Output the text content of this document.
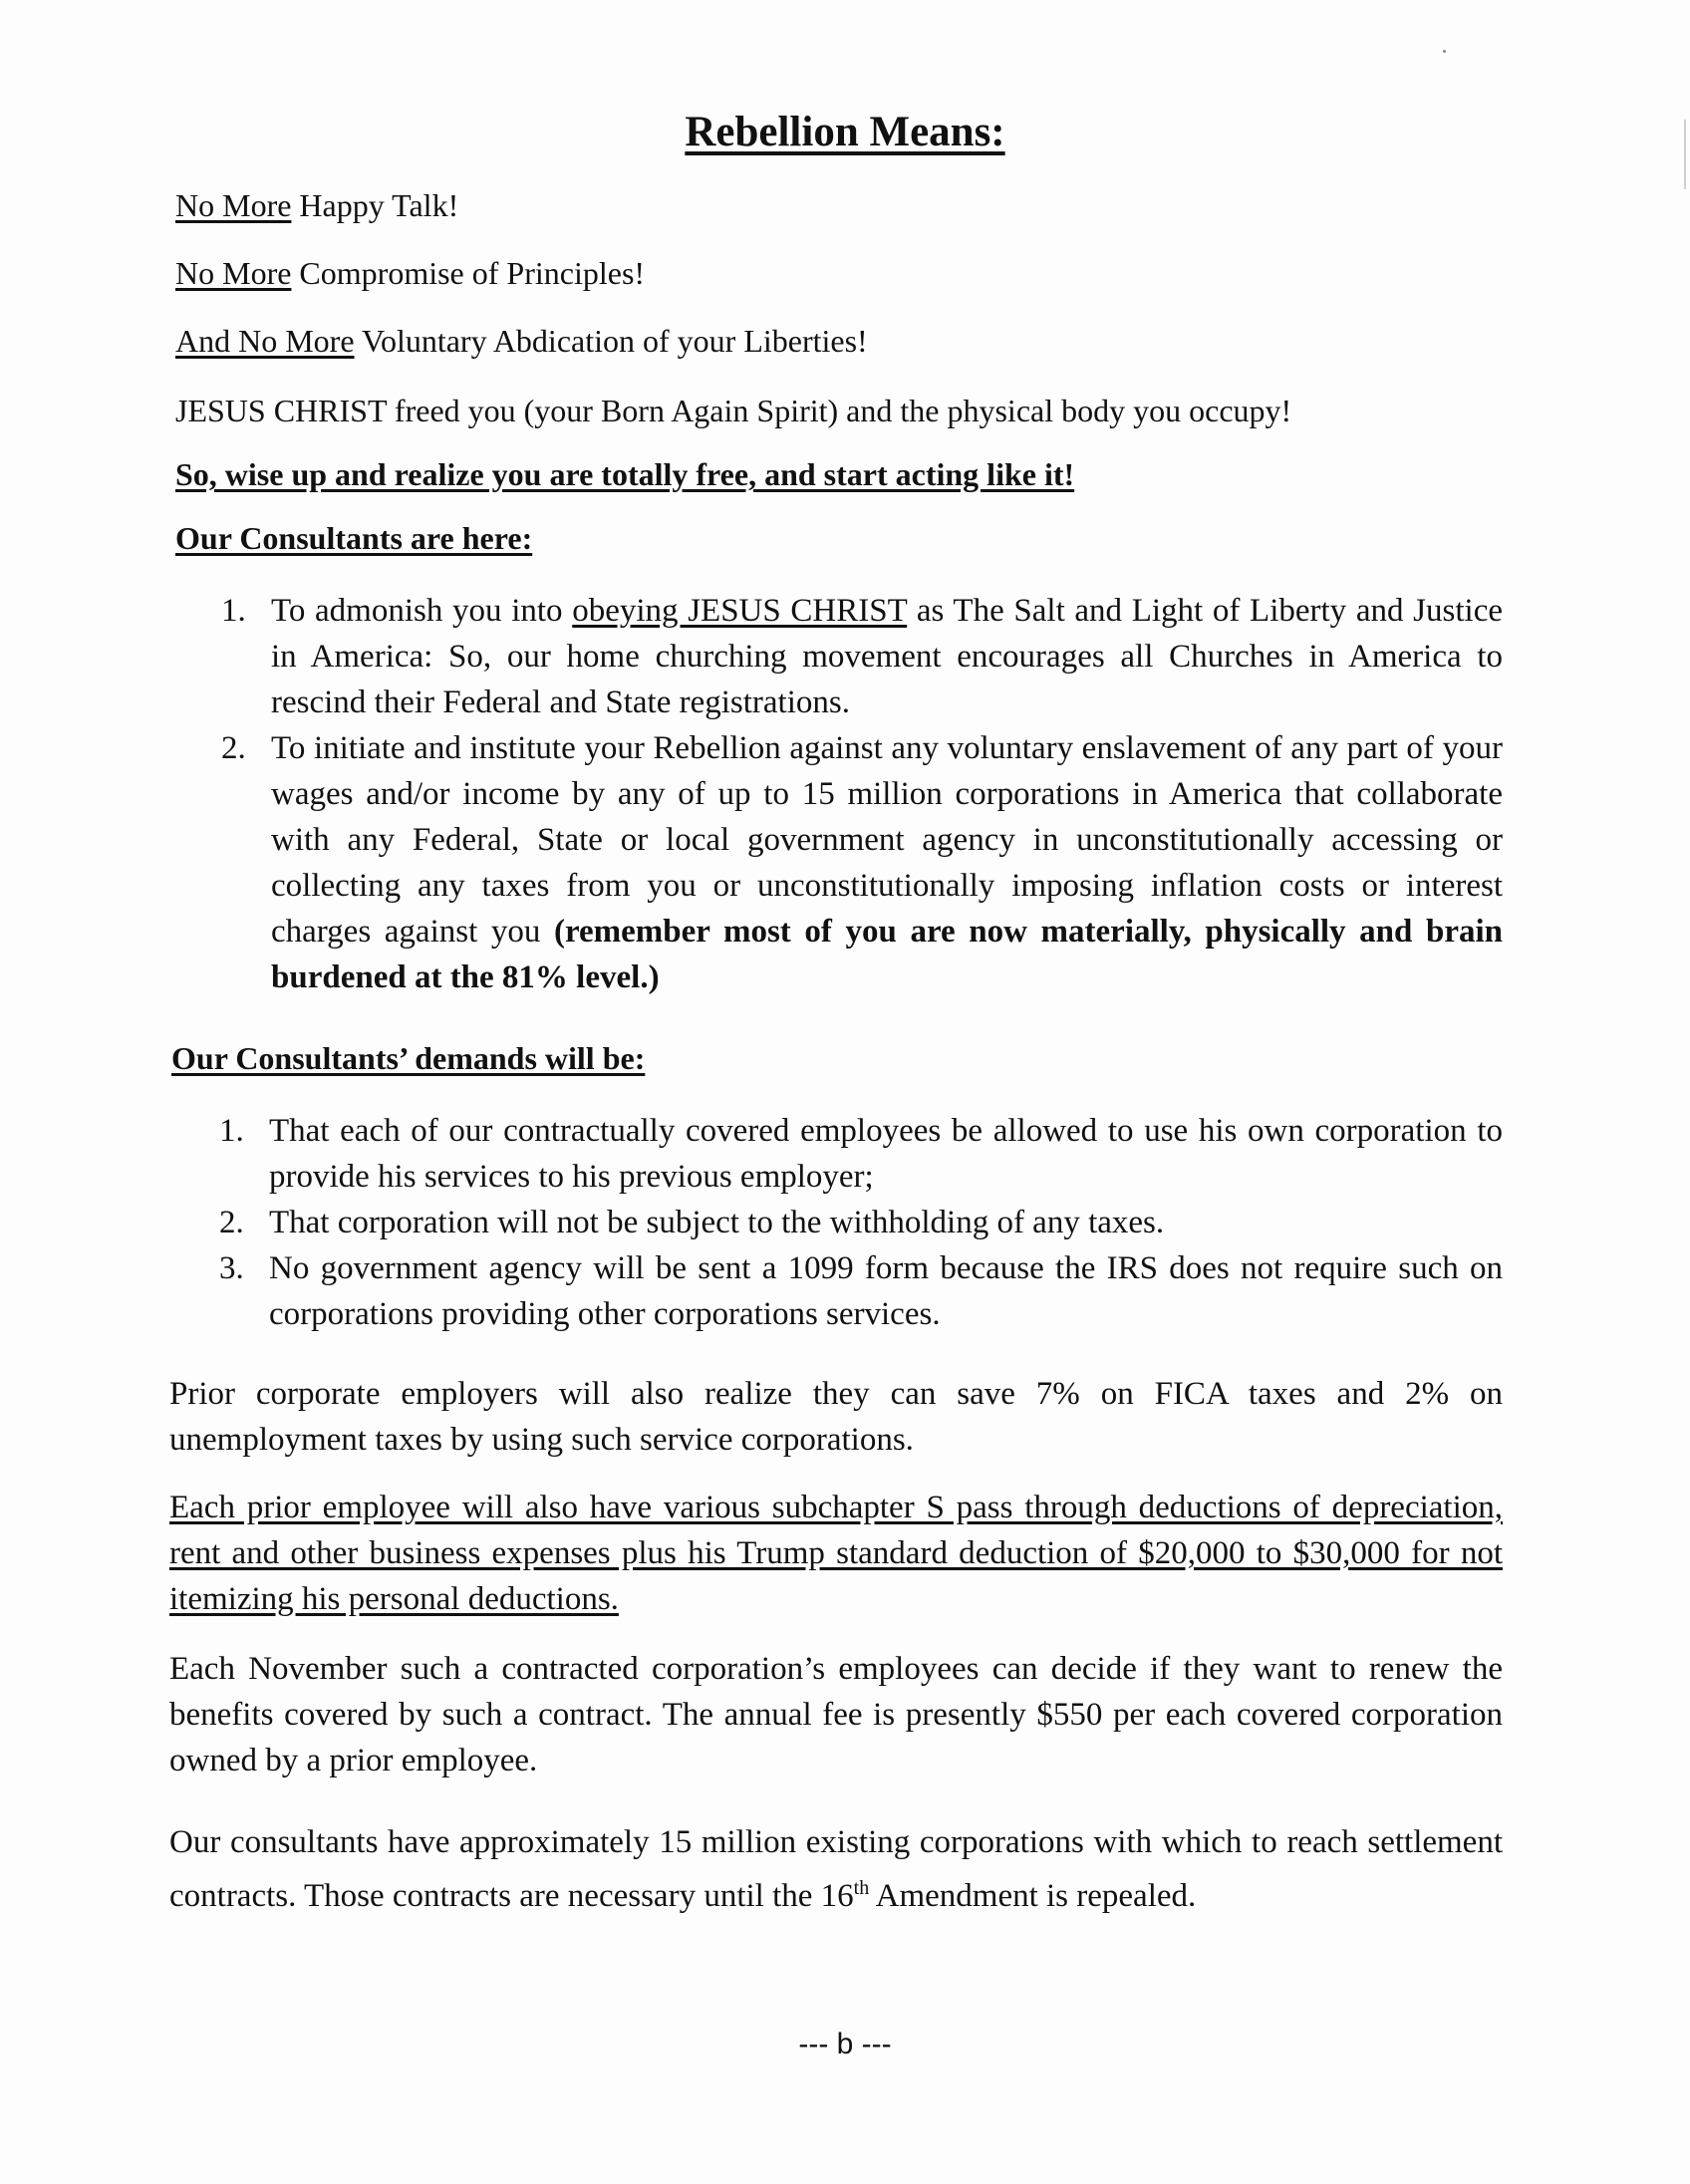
Rebellion Means:
No More Happy Talk!
No More Compromise of Principles!
And No More Voluntary Abdication of your Liberties!
JESUS CHRIST freed you (your Born Again Spirit) and the physical body you occupy!
So, wise up and realize you are totally free, and start acting like it!
Our Consultants are here:
1. To admonish you into obeying JESUS CHRIST as The Salt and Light of Liberty and Justice in America: So, our home churching movement encourages all Churches in America to rescind their Federal and State registrations.
2. To initiate and institute your Rebellion against any voluntary enslavement of any part of your wages and/or income by any of up to 15 million corporations in America that collaborate with any Federal, State or local government agency in unconstitutionally accessing or collecting any taxes from you or unconstitutionally imposing inflation costs or interest charges against you (remember most of you are now materially, physically and brain burdened at the 81% level.)
Our Consultants’ demands will be:
1. That each of our contractually covered employees be allowed to use his own corporation to provide his services to his previous employer;
2. That corporation will not be subject to the withholding of any taxes.
3. No government agency will be sent a 1099 form because the IRS does not require such on corporations providing other corporations services.

Prior corporate employers will also realize they can save 7% on FICA taxes and 2% on unemployment taxes by using such service corporations.

Each prior employee will also have various subchapter S pass through deductions of depreciation, rent and other business expenses plus his Trump standard deduction of $20,000 to $30,000 for not itemizing his personal deductions.

Each November such a contracted corporation’s employees can decide if they want to renew the benefits covered by such a contract. The annual fee is presently $550 per each covered corporation owned by a prior employee.

Our consultants have approximately 15 million existing corporations with which to reach settlement contracts. Those contracts are necessary until the 16th Amendment is repealed.

--- b ---
